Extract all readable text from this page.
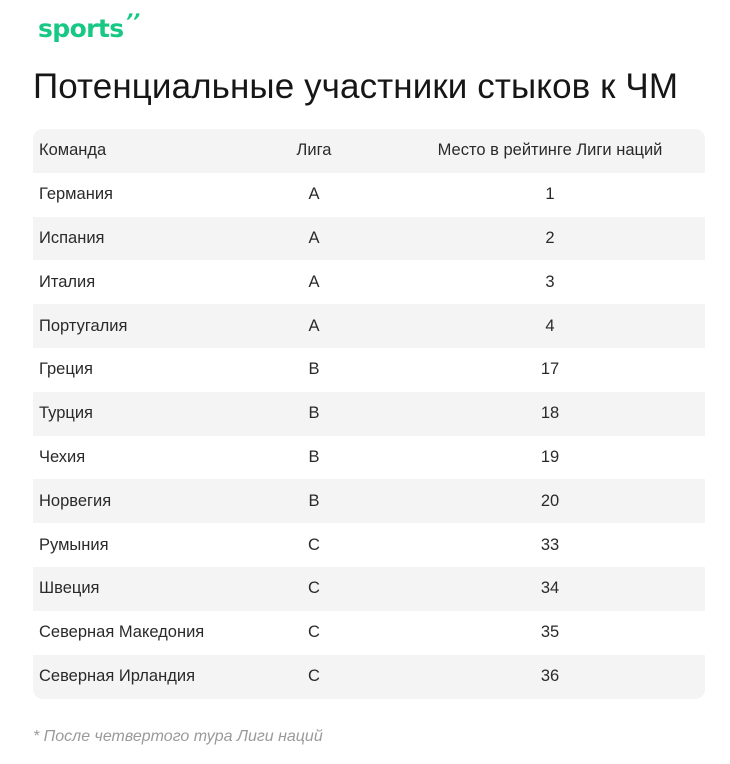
sports
’’
Потенциальные участники стыков к ЧМ
Команда	Лига	Место в рейтинге Лиги наций
Германия	A	1
Испания	A	2
Италия	A	3
Португалия	A	4
Греция	B	17
Турция	B	18
Чехия	B	19
Норвегия	B	20
Румыния	C	33
Швеция	C	34
Северная Македония	C	35
Северная Ирландия	C	36
* После четвертого тура Лиги наций
